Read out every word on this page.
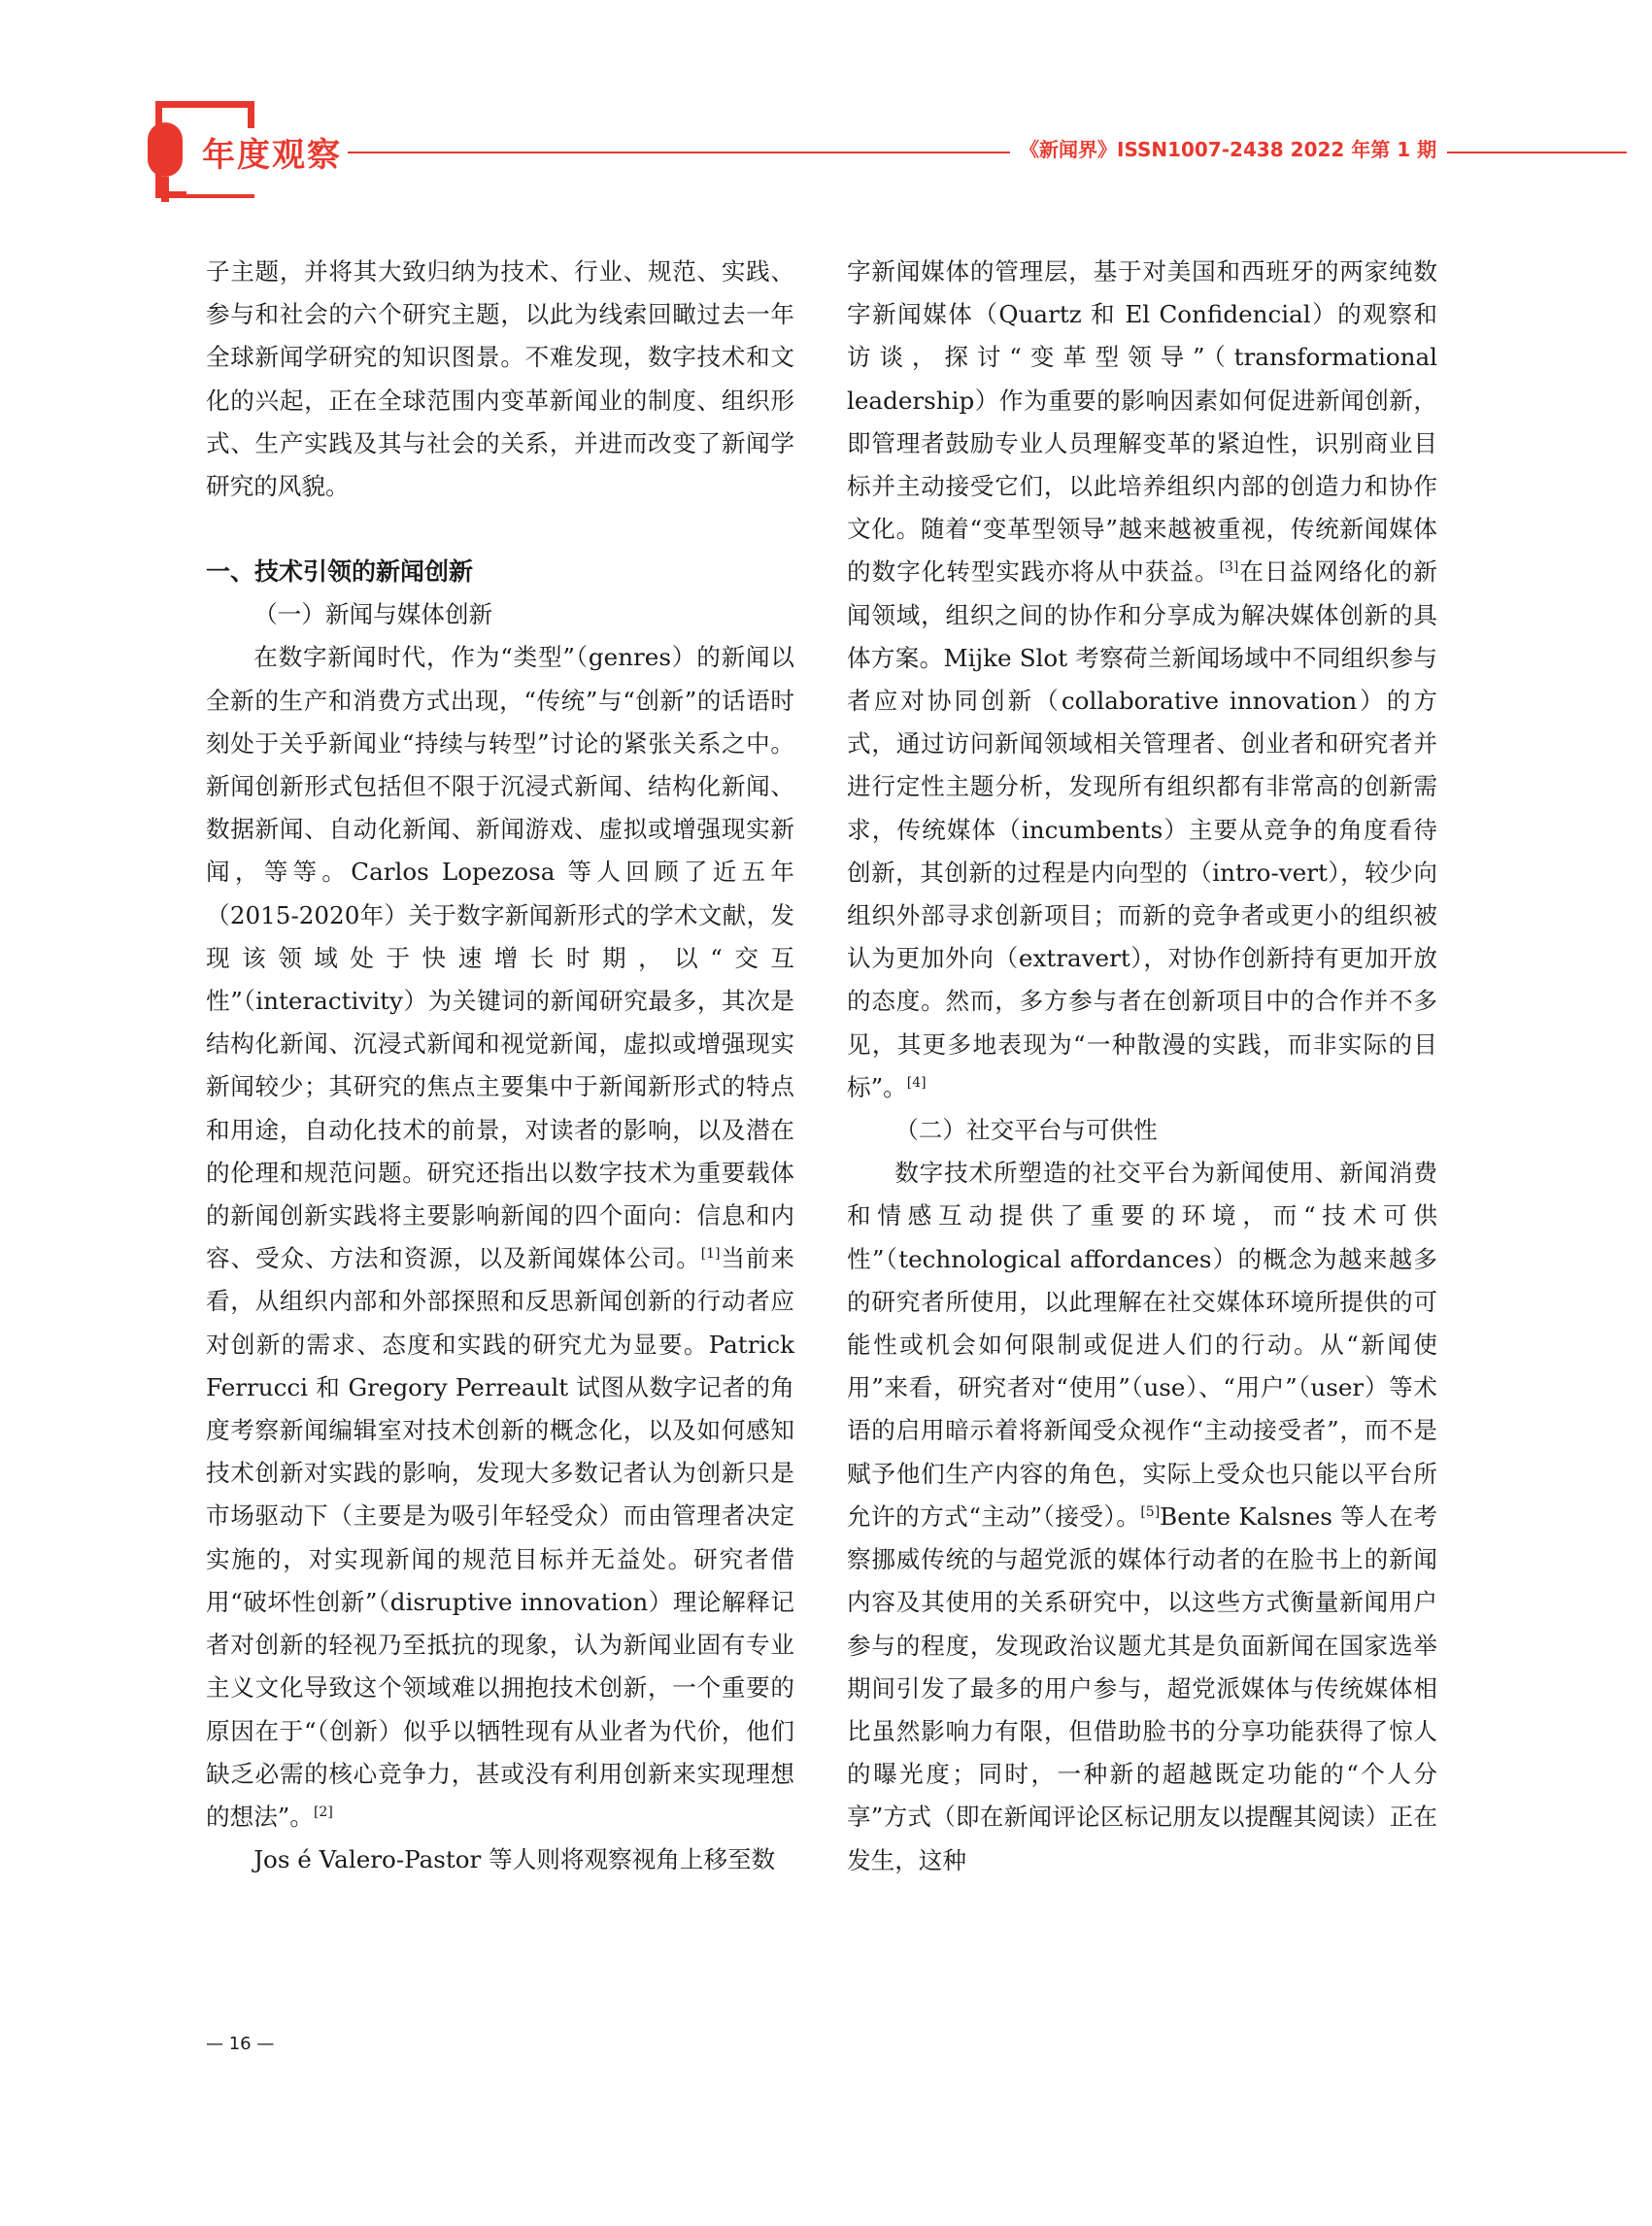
年度观察	《新闻界》ISSN1007-2438 2022 年第 1 期

子主题，并将其大致归纳为技术、行业、规范、实践、参与和社会的六个研究主题，以此为线索回瞰过去一年全球新闻学研究的知识图景。不难发现，数字技术和文化的兴起，正在全球范围内变革新闻业的制度、组织形式、生产实践及其与社会的关系，并进而改变了新闻学研究的风貌。

一、技术引领的新闻创新
（一）新闻与媒体创新

在数字新闻时代，作为“类型”（genres）的新闻以全新的生产和消费方式出现，“传统”与“创新”的话语时刻处于关乎新闻业“持续与转型”讨论的紧张关系之中。新闻创新形式包括但不限于沉浸式新闻、结构化新闻、数据新闻、自动化新闻、新闻游戏、虚拟或增强现实新闻，等等。Carlos Lopezosa 等人回顾了近五年（2015-2020年）关于数字新闻新形式的学术文献，发现该领域处于快速增长时期，以“交互性”（interactivity）为关键词的新闻研究最多，其次是结构化新闻、沉浸式新闻和视觉新闻，虚拟或增强现实新闻较少；其研究的焦点主要集中于新闻新形式的特点和用途，自动化技术的前景，对读者的影响，以及潜在的伦理和规范问题。研究还指出以数字技术为重要载体的新闻创新实践将主要影响新闻的四个面向：信息和内容、受众、方法和资源，以及新闻媒体公司。[1]当前来看，从组织内部和外部探照和反思新闻创新的行动者应对创新的需求、态度和实践的研究尤为显要。Patrick Ferrucci 和 Gregory Perreault 试图从数字记者的角度考察新闻编辑室对技术创新的概念化，以及如何感知技术创新对实践的影响，发现大多数记者认为创新只是市场驱动下（主要是为吸引年轻受众）而由管理者决定实施的，对实现新闻的规范目标并无益处。研究者借用“破坏性创新”（disruptive innovation）理论解释记者对创新的轻视乃至抵抗的现象，认为新闻业固有专业主义文化导致这个领域难以拥抱技术创新，一个重要的原因在于“（创新）似乎以牺牲现有从业者为代价，他们缺乏必需的核心竞争力，甚或没有利用创新来实现理想的想法”。[2]

Jos é Valero-Pastor 等人则将观察视角上移至数

字新闻媒体的管理层，基于对美国和西班牙的两家纯数字新闻媒体（Quartz 和 El Confidencial）的观察和访谈，探讨“变革型领导”（transformational leadership）作为重要的影响因素如何促进新闻创新，即管理者鼓励专业人员理解变革的紧迫性，识别商业目标并主动接受它们，以此培养组织内部的创造力和协作文化。随着“变革型领导”越来越被重视，传统新闻媒体的数字化转型实践亦将从中获益。[3]在日益网络化的新闻领域，组织之间的协作和分享成为解决媒体创新的具体方案。Mijke Slot 考察荷兰新闻场域中不同组织参与者应对协同创新（collaborative innovation）的方式，通过访问新闻领域相关管理者、创业者和研究者并进行定性主题分析，发现所有组织都有非常高的创新需求，传统媒体（incumbents）主要从竞争的角度看待创新，其创新的过程是内向型的（intro-vert），较少向组织外部寻求创新项目；而新的竞争者或更小的组织被认为更加外向（extravert），对协作创新持有更加开放的态度。然而，多方参与者在创新项目中的合作并不多见，其更多地表现为“一种散漫的实践，而非实际的目标”。[4]

（二）社交平台与可供性

数字技术所塑造的社交平台为新闻使用、新闻消费和情感互动提供了重要的环境，而“技术可供性”（technological affordances）的概念为越来越多的研究者所使用，以此理解在社交媒体环境所提供的可能性或机会如何限制或促进人们的行动。从“新闻使用”来看，研究者对“使用”（use）、“用户”（user）等术语的启用暗示着将新闻受众视作“主动接受者”，而不是赋予他们生产内容的角色，实际上受众也只能以平台所允许的方式“主动”（接受）。[5]Bente Kalsnes 等人在考察挪威传统的与超党派的媒体行动者的在脸书上的新闻内容及其使用的关系研究中，以这些方式衡量新闻用户参与的程度，发现政治议题尤其是负面新闻在国家选举期间引发了最多的用户参与，超党派媒体与传统媒体相比虽然影响力有限，但借助脸书的分享功能获得了惊人的曝光度；同时，一种新的超越既定功能的“个人分享”方式（即在新闻评论区标记朋友以提醒其阅读）正在发生，这种

— 16 —
